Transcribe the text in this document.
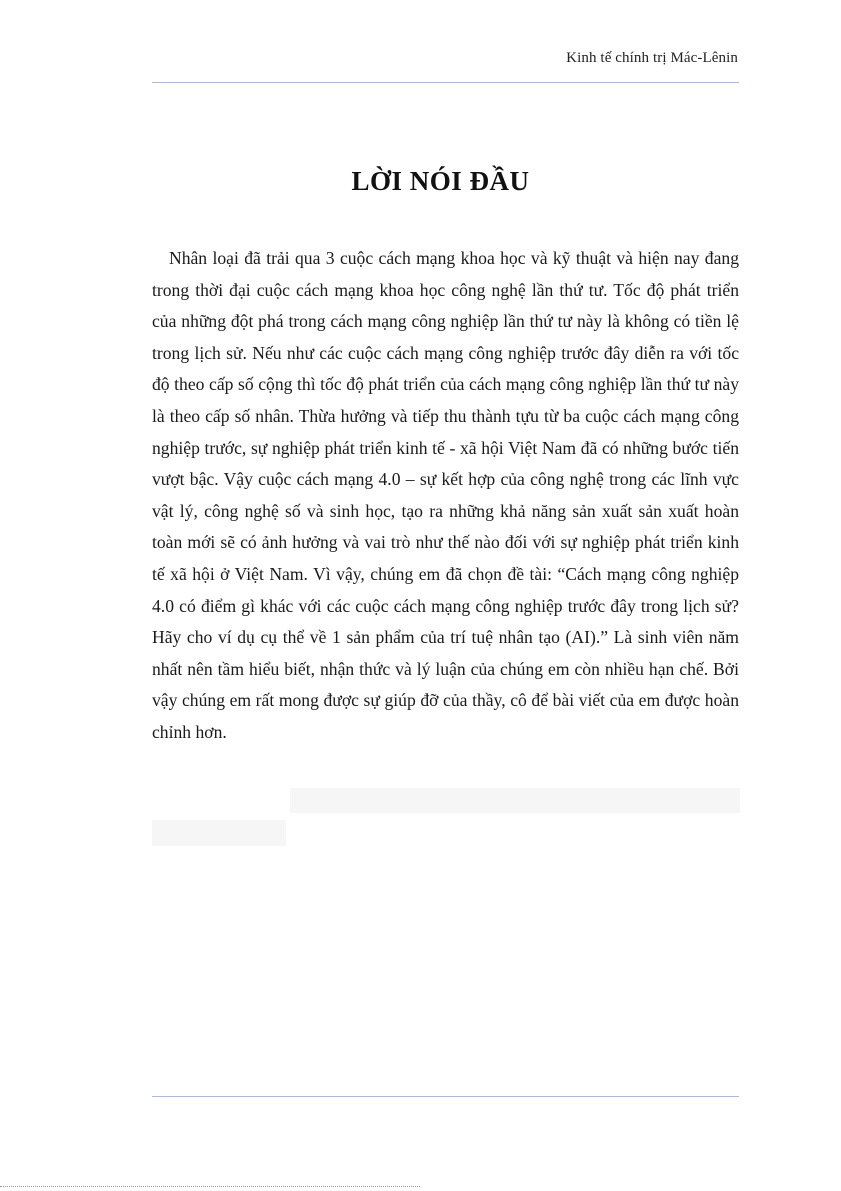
Kinh tế chính trị Mác-Lênin
LỜI NÓI ĐẦU

Nhân loại đã trải qua 3 cuộc cách mạng khoa học và kỹ thuật và hiện nay đang trong thời đại cuộc cách mạng khoa học công nghệ lần thứ tư. Tốc độ phát triển của những đột phá trong cách mạng công nghiệp lần thứ tư này là không có tiền lệ trong lịch sử. Nếu như các cuộc cách mạng công nghiệp trước đây diễn ra với tốc độ theo cấp số cộng thì tốc độ phát triển của cách mạng công nghiệp lần thứ tư này là theo cấp số nhân. Thừa hưởng và tiếp thu thành tựu từ ba cuộc cách mạng công nghiệp trước, sự nghiệp phát triển kinh tế - xã hội Việt Nam đã có những bước tiến vượt bậc. Vậy cuộc cách mạng 4.0 – sự kết hợp của công nghệ trong các lĩnh vực vật lý, công nghệ số và sinh học, tạo ra những khả năng sản xuất sản xuất hoàn toàn mới sẽ có ảnh hưởng và vai trò như thế nào đối với sự nghiệp phát triển kinh tế xã hội ở Việt Nam. Vì vậy, chúng em đã chọn đề tài: “Cách mạng công nghiệp 4.0 có điểm gì khác với các cuộc cách mạng công nghiệp trước đây trong lịch sử? Hãy cho ví dụ cụ thể về 1 sản phẩm của trí tuệ nhân tạo (AI).” Là sinh viên năm nhất nên tầm hiểu biết, nhận thức và lý luận của chúng em còn nhiều hạn chế. Bởi vậy chúng em rất mong được sự giúp đỡ của thầy, cô để bài viết của em được hoàn chỉnh hơn.
